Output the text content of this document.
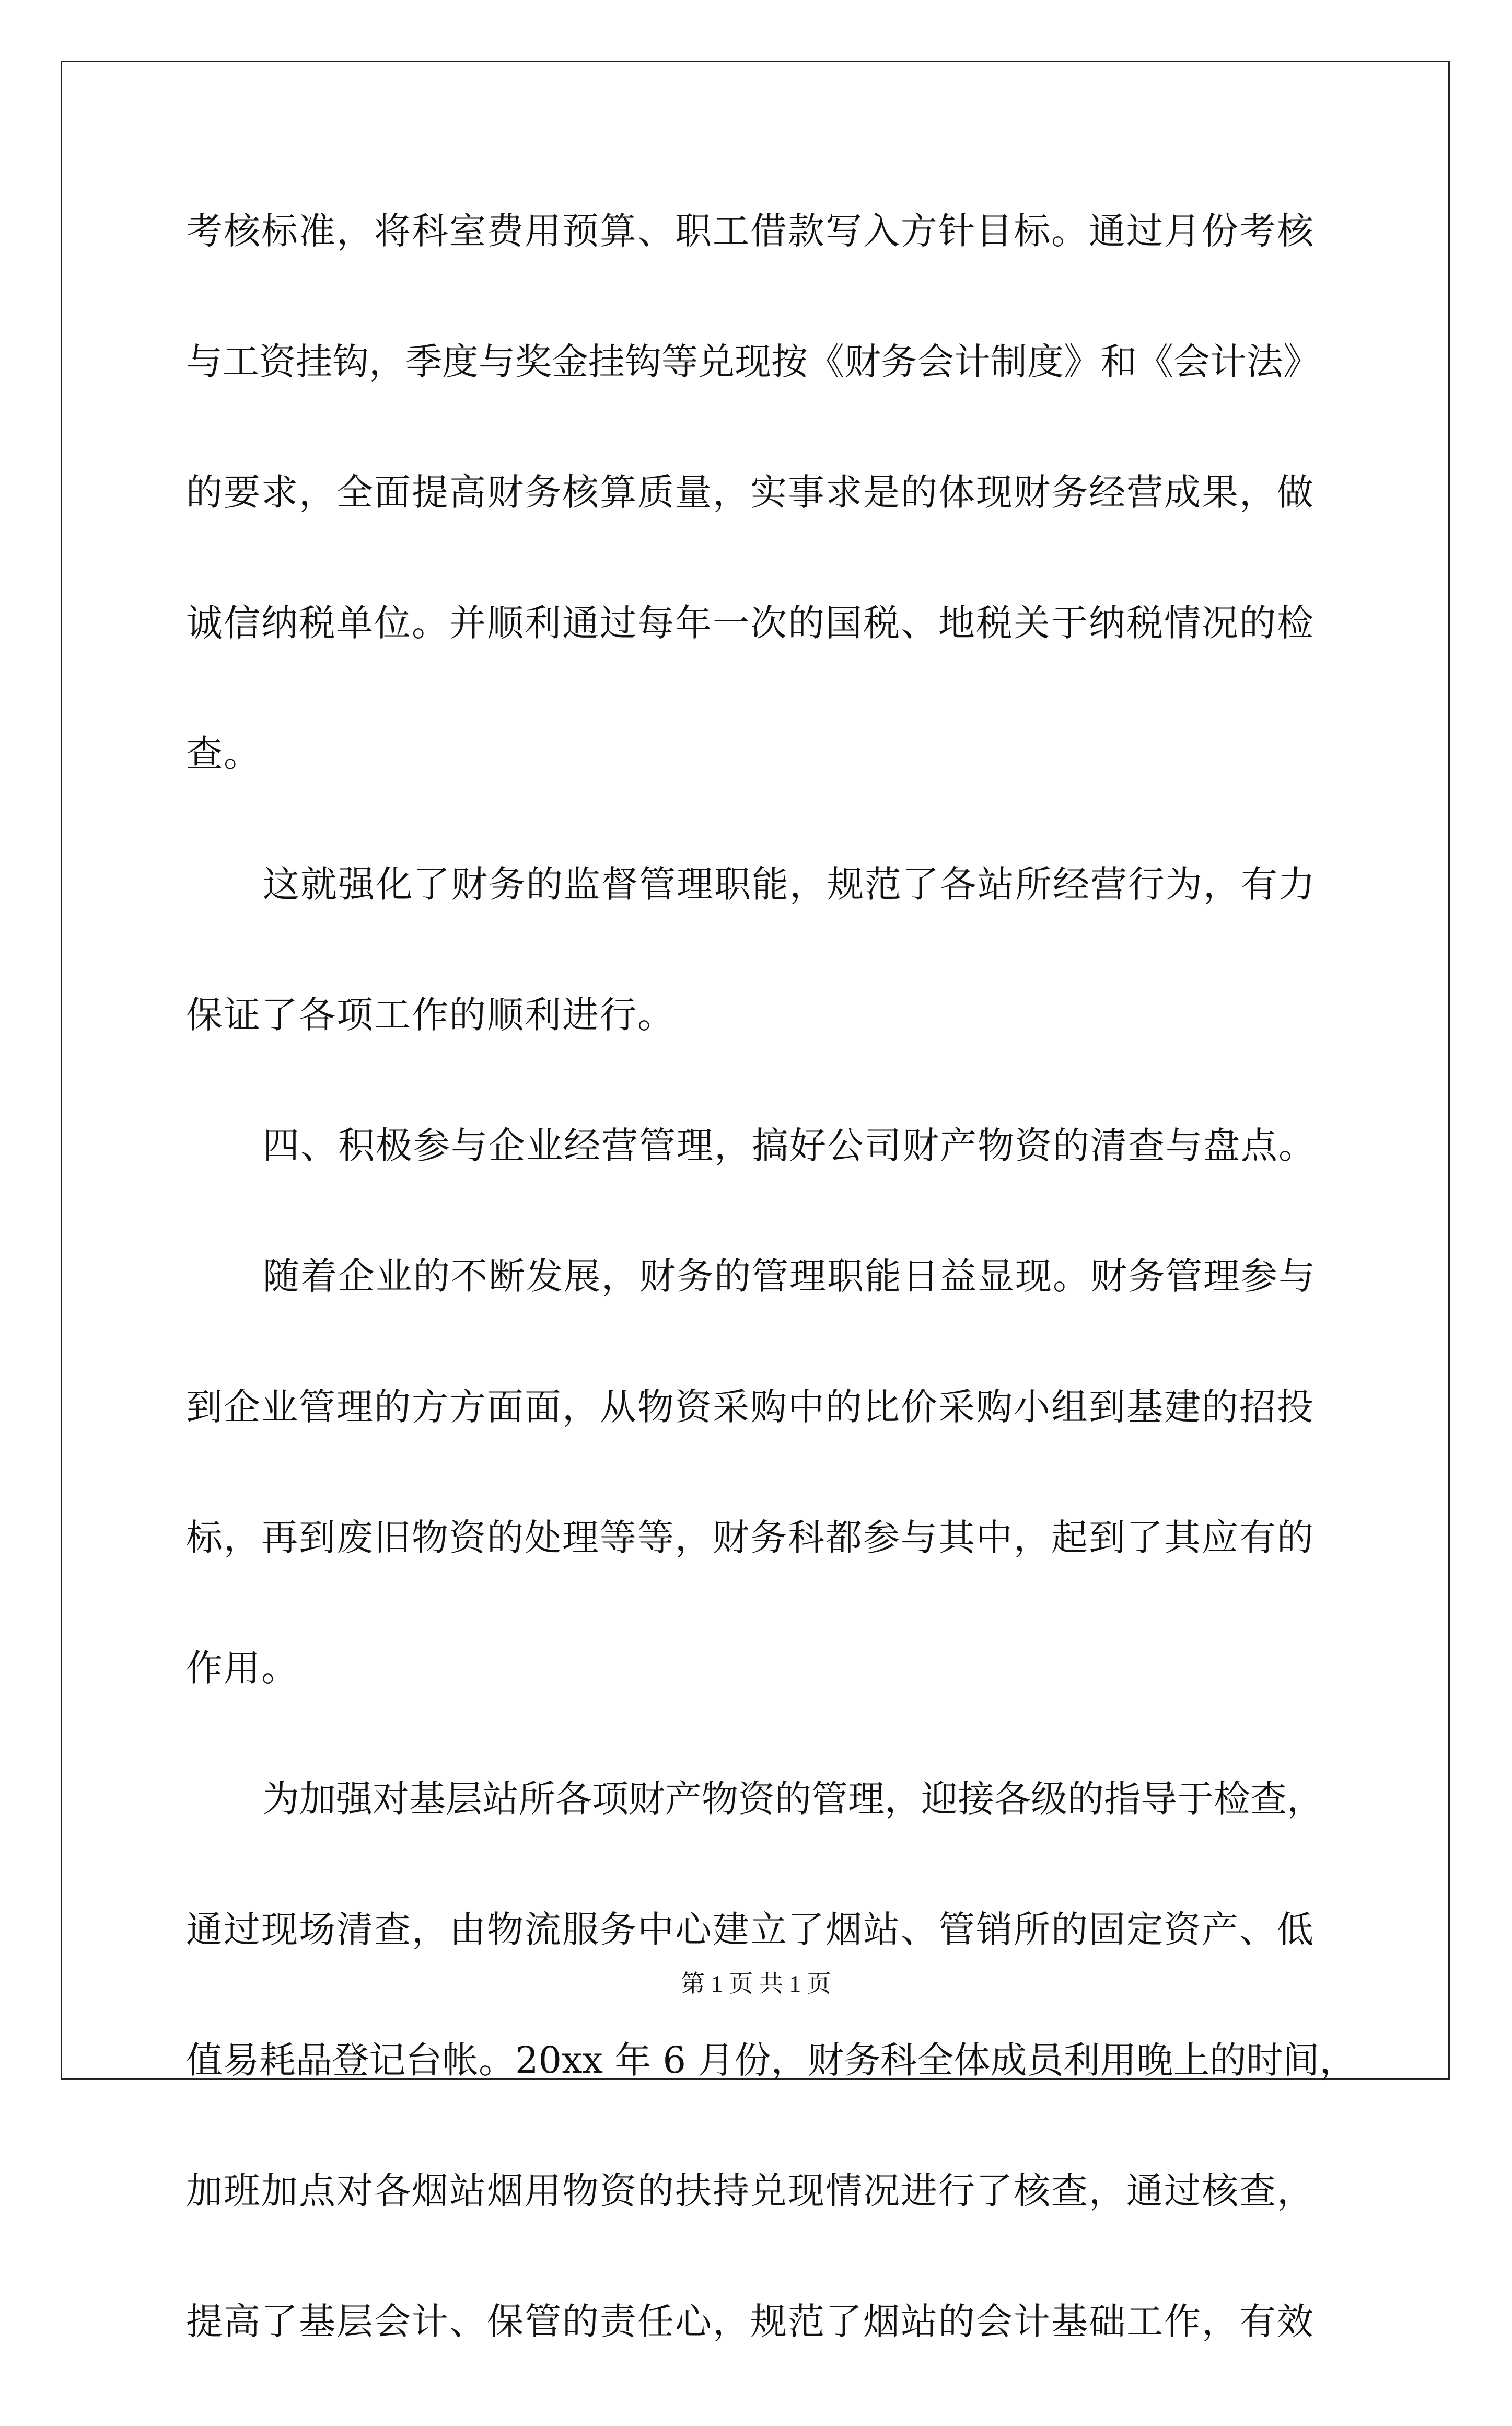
考核标准，将科室费用预算、职工借款写入方针目标。通过月份考核

与工资挂钩，季度与奖金挂钩等兑现按《财务会计制度》和《会计法》

的要求，全面提高财务核算质量，实事求是的体现财务经营成果，做

诚信纳税单位。并顺利通过每年一次的国税、地税关于纳税情况的检

查。

这就强化了财务的监督管理职能，规范了各站所经营行为，有力

保证了各项工作的顺利进行。

四、积极参与企业经营管理，搞好公司财产物资的清查与盘点。

随着企业的不断发展，财务的管理职能日益显现。财务管理参与

到企业管理的方方面面，从物资采购中的比价采购小组到基建的招投

标，再到废旧物资的处理等等，财务科都参与其中，起到了其应有的

作用。

为加强对基层站所各项财产物资的管理，迎接各级的指导于检查，

通过现场清查，由物流服务中心建立了烟站、管销所的固定资产、低

值易耗品登记台帐。20xx 年 6 月份，财务科全体成员利用晚上的时间，

加班加点对各烟站烟用物资的扶持兑现情况进行了核查，通过核查，

提高了基层会计、保管的责任心，规范了烟站的会计基础工作，有效

第 1 页 共 1 页
